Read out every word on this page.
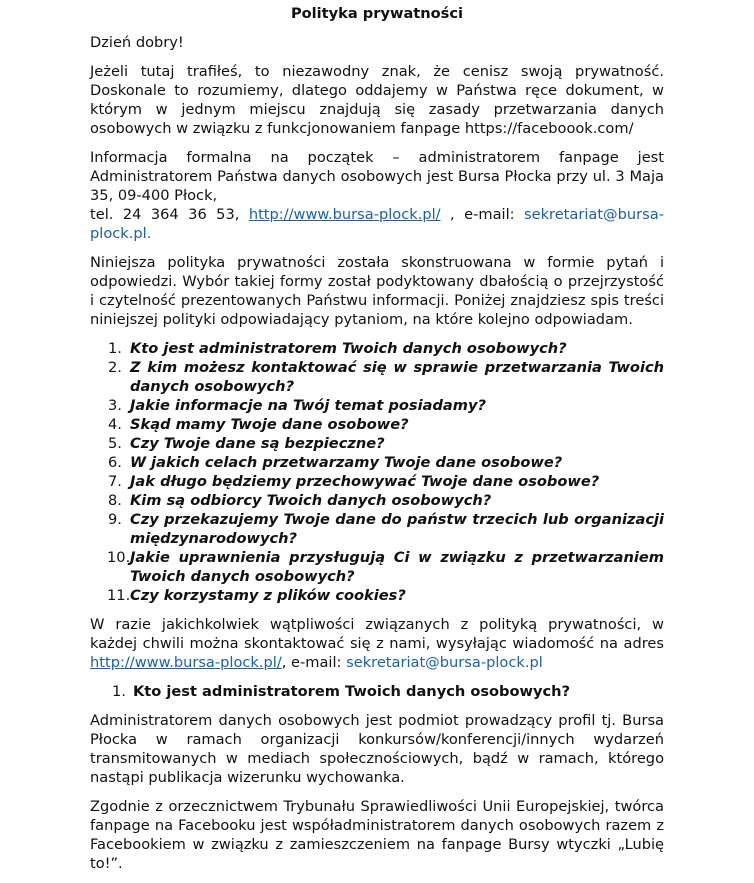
Polityka prywatności

Dzień dobry!

Jeżeli tutaj trafiłeś, to niezawodny znak, że cenisz swoją prywatność. Doskonale to rozumiemy, dlatego oddajemy w Państwa ręce dokument, w którym w jednym miejscu znajdują się zasady przetwarzania danych osobowych w związku z funkcjonowaniem fanpage https://faceboook.com/

Informacja formalna na początek – administratorem fanpage jest Administratorem Państwa danych osobowych jest Bursa Płocka przy ul. 3 Maja 35, 09-400 Płock,

tel. 24 364 36 53, http://www.bursa-plock.pl/ , e-mail: sekretariat@bursa-plock.pl.

Niniejsza polityka prywatności została skonstruowana w formie pytań i odpowiedzi. Wybór takiej formy został podyktowany dbałością o przejrzystość i czytelność prezentowanych Państwu informacji. Poniżej znajdziesz spis treści niniejszej polityki odpowiadający pytaniom, na które kolejno odpowiadam.

1. Kto jest administratorem Twoich danych osobowych?
2. Z kim możesz kontaktować się w sprawie przetwarzania Twoich danych osobowych?
3. Jakie informacje na Twój temat posiadamy?
4. Skąd mamy Twoje dane osobowe?
5. Czy Twoje dane są bezpieczne?
6. W jakich celach przetwarzamy Twoje dane osobowe?
7. Jak długo będziemy przechowywać Twoje dane osobowe?
8. Kim są odbiorcy Twoich danych osobowych?
9. Czy przekazujemy Twoje dane do państw trzecich lub organizacji międzynarodowych?
10. Jakie uprawnienia przysługują Ci w związku z przetwarzaniem Twoich danych osobowych?
11. Czy korzystamy z plików cookies?

W razie jakichkolwiek wątpliwości związanych z polityką prywatności, w każdej chwili można skontaktować się z nami, wysyłając wiadomość na adres http://www.bursa-plock.pl/, e-mail: sekretariat@bursa-plock.pl

1. Kto jest administratorem Twoich danych osobowych?

Administratorem danych osobowych jest podmiot prowadzący profil tj. Bursa Płocka w ramach organizacji konkursów/konferencji/innych wydarzeń transmitowanych w mediach społecznościowych, bądź w ramach, którego nastąpi publikacja wizerunku wychowanka.

Zgodnie z orzecznictwem Trybunału Sprawiedliwości Unii Europejskiej, twórca fanpage na Facebooku jest współadministratorem danych osobowych razem z Facebookiem w związku z zamieszczeniem na fanpage Bursy wtyczki „Lubię to!”.
